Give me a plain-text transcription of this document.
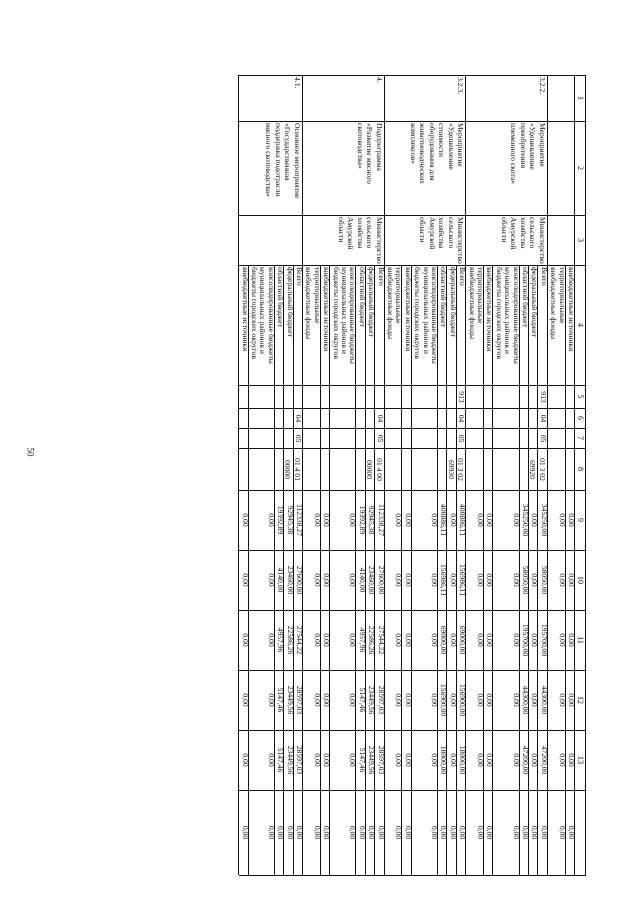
50
1
2
3
4
5
6
7
8
9
10
11
12
13
внебюджетные источники
0,00
0,00
0,00
0,00
0,00
0,00
территориальные
внебюджетные фонды
0,00
0,00
0,00
0,00
0,00
0,00
3.2.2.
Мероприятие
«Удешевление
приобретения
племенного скота»
Министерство
сельского
хозяйства
Амурской
области
913
04
05
01 3 02
69920
Всего
345250,00
58050,00
195700,00
44300,00
47200,00
0,00
федеральный бюджет
0,00
0,00
0,00
0,00
0,00
0,00
областной бюджет
345250,00
58050,00
195700,00
44300,00
47200,00
0,00
консолидированные бюджеты
муниципальных районов и
бюджеты городских округов
0,00
0,00
0,00
0,00
0,00
0,00
внебюджетные источники
0,00
0,00
0,00
0,00
0,00
0,00
территориальные
внебюджетные фонды
0,00
0,00
0,00
0,00
0,00
0,00
3.2.3.
Мероприятие
«Удешевление
стоимости
оборудования для
животноводческих
комплексов»
Министерство
сельского
хозяйства
Амурской
области
913
04
05
01 3 02
69930
Всего
400886,11
156986,11
69000,00
156900,00
18000,00
0,00
федеральный бюджет
0,00
0,00
0,00
0,00
0,00
0,00
областной бюджет
400886,11
156986,11
69000,00
156900,00
18000,00
0,00
консолидированные бюджеты
муниципальных районов и
бюджеты городских округов
0,00
0,00
0,00
0,00
0,00
0,00
внебюджетные источники
0,00
0,00
0,00
0,00
0,00
0,00
территориальные
внебюджетные фонды
0,00
0,00
0,00
0,00
0,00
0,00
4.
Подпрограмма
«Развитие мясного
скотоводства»
Министерство
сельского
хозяйства
Амурской
области
04
05
01 4 00
00000
Всего
112338,27
27600,00
27544,22
28597,03
28597,03
0,00
федеральный бюджет
92945,38
23460,00
22586,26
23449,56
23449,56
0,00
областной бюджет
19392,89
4140,00
4957,96
5147,46
5147,46
0,00
консолидированные бюджеты
муниципальных районов и
бюджеты городских округов
0,00
0,00
0,00
0,00
0,00
0,00
внебюджетные источники
0,00
0,00
0,00
0,00
0,00
0,00
территориальные
внебюджетные фонды
0,00
0,00
0,00
0,00
0,00
0,00
4.1.
Основное мероприятие
«Государственная
поддержка подотрасли
мясного скотоводства»
04
05
01 4 01
00000
Всего
112338,27
27600,00
27544,22
28597,03
28597,03
0,00
федеральный бюджет
92945,38
23460,00
22586,26
23449,56
23449,56
0,00
областной бюджет
19392,89
4140,00
4957,96
5147,46
5147,46
0,00
консолидированные бюджеты
муниципальных районов и
бюджеты городских округов
0,00
0,00
0,00
0,00
0,00
0,00
внебюджетные источники
0,00
0,00
0,00
0,00
0,00
0,00
